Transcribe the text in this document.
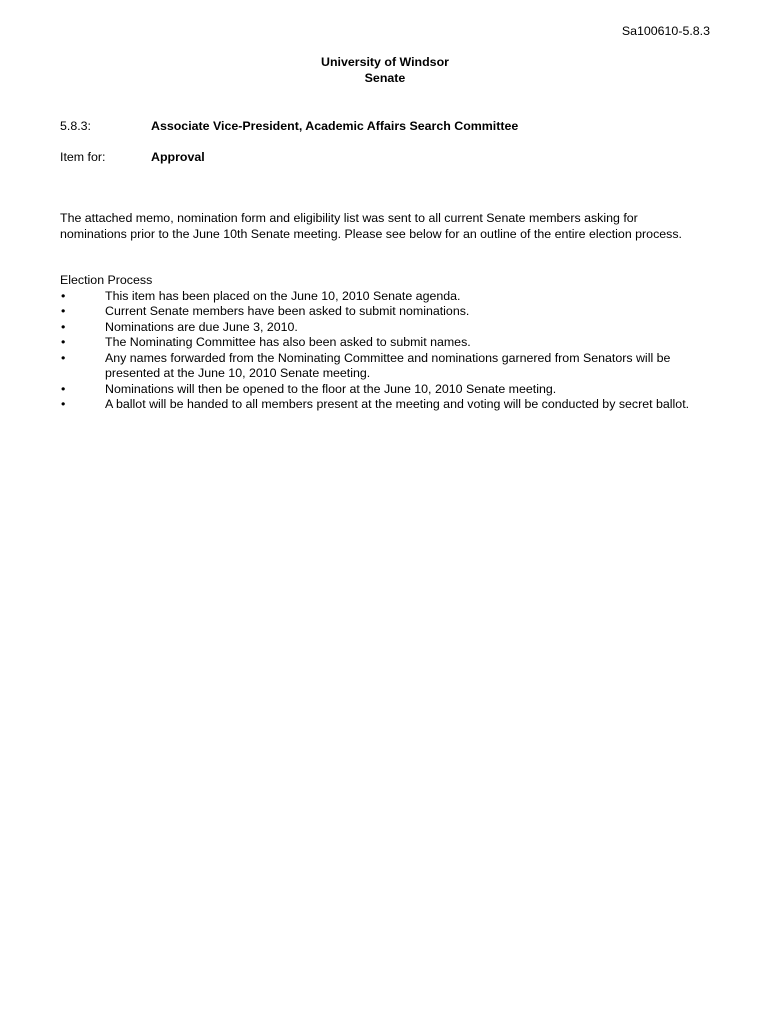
Sa100610-5.8.3
University of Windsor
Senate
5.8.3:	Associate Vice-President, Academic Affairs Search Committee
Item for:	Approval

The attached memo, nomination form and eligibility list was sent to all current Senate members asking for nominations prior to the June 10th Senate meeting. Please see below for an outline of the entire election process.

Election Process

•	This item has been placed on the June 10, 2010 Senate agenda.
•	Current Senate members have been asked to submit nominations.
•	Nominations are due June 3, 2010.
•	The Nominating Committee has also been asked to submit names.
•	Any names forwarded from the Nominating Committee and nominations garnered from Senators will be presented at the June 10, 2010 Senate meeting.
•	Nominations will then be opened to the floor at the June 10, 2010 Senate meeting.
•	A ballot will be handed to all members present at the meeting and voting will be conducted by secret ballot.
